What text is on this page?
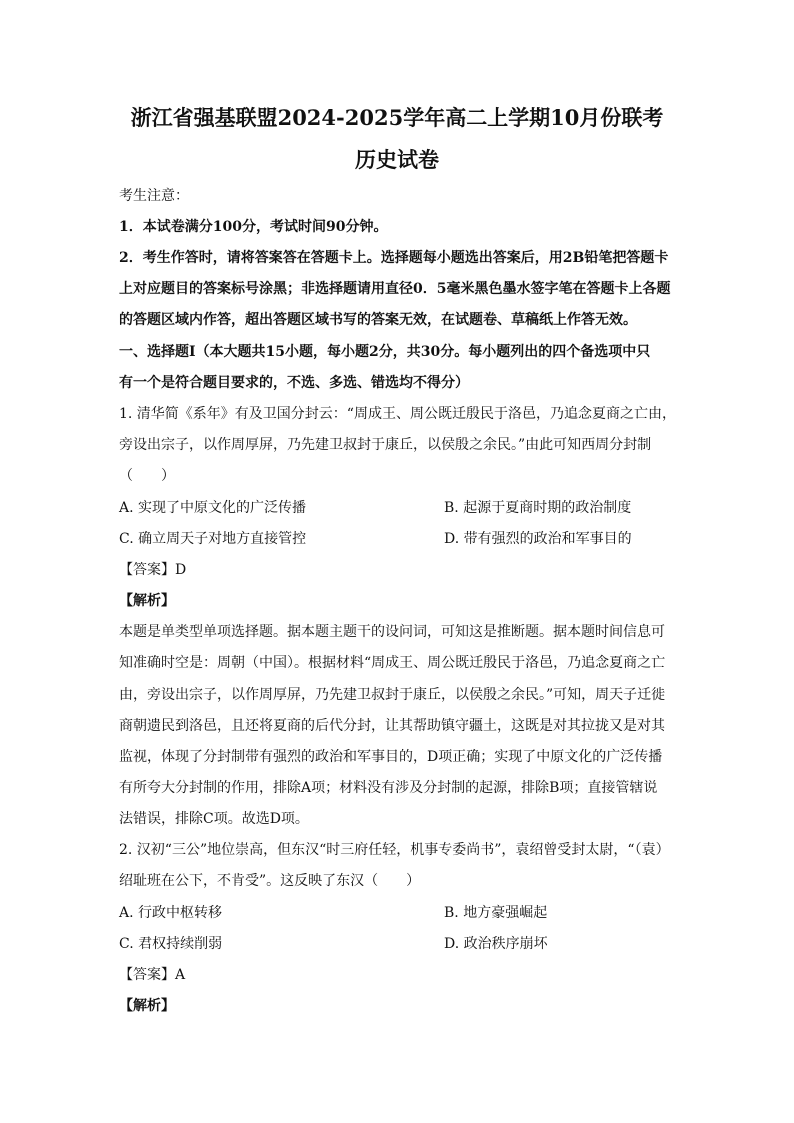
浙江省强基联盟2024-2025学年高二上学期10月份联考
历史试卷
考生注意：
1．本试卷满分100分，考试时间90分钟。
2．考生作答时，请将答案答在答题卡上。选择题每小题选出答案后，用2B铅笔把答题卡
上对应题目的答案标号涂黑；非选择题请用直径0．5毫米黑色墨水签字笔在答题卡上各题
的答题区域内作答，超出答题区域书写的答案无效，在试题卷、草稿纸上作答无效。
一、选择题Ⅰ（本大题共15小题，每小题2分，共30分。每小题列出的四个备选项中只
有一个是符合题目要求的，不选、多选、错选均不得分）
1. 清华简《系年》有及卫国分封云：“周成王、周公既迁殷民于洛邑，乃追念夏商之亡由，
旁设出宗子，以作周厚屏，乃先建卫叔封于康丘，以侯殷之余民。”由此可知西周分封制
（　　）
A. 实现了中原文化的广泛传播	B. 起源于夏商时期的政治制度
C. 确立周天子对地方直接管控	D. 带有强烈的政治和军事目的
【答案】D
【解析】
本题是单类型单项选择题。据本题主题干的设问词，可知这是推断题。据本题时间信息可
知准确时空是：周朝（中国）。根据材料“周成王、周公既迁殷民于洛邑，乃追念夏商之亡
由，旁设出宗子，以作周厚屏，乃先建卫叔封于康丘，以侯殷之余民。”可知，周天子迁徙
商朝遗民到洛邑，且还将夏商的后代分封，让其帮助镇守疆土，这既是对其拉拢又是对其
监视，体现了分封制带有强烈的政治和军事目的，D项正确；实现了中原文化的广泛传播
有所夸大分封制的作用，排除A项；材料没有涉及分封制的起源，排除B项；直接管辖说
法错误，排除C项。故选D项。
2. 汉初“三公”地位崇高，但东汉“时三府任轻，机事专委尚书”，袁绍曾受封太尉，“（袁）
绍耻班在公下，不肯受”。这反映了东汉（　　）
A. 行政中枢转移	B. 地方豪强崛起
C. 君权持续削弱	D. 政治秩序崩坏
【答案】A
【解析】
